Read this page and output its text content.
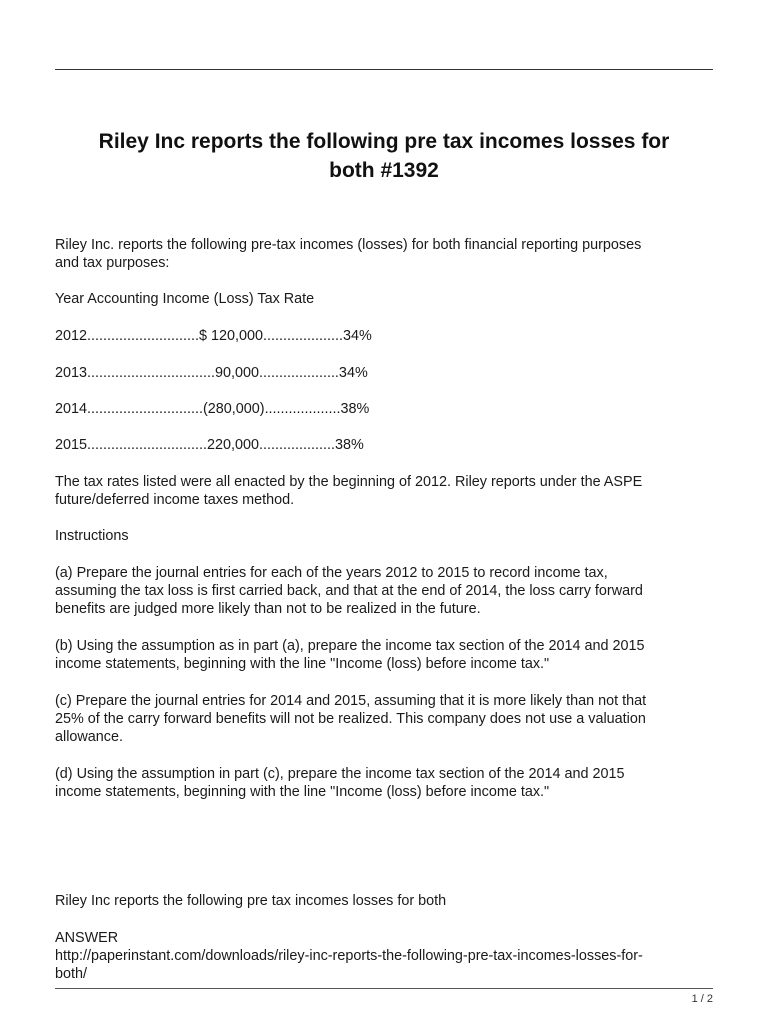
Riley Inc reports the following pre tax incomes losses for
both #1392

Riley Inc. reports the following pre-tax incomes (losses) for both financial reporting purposes
and tax purposes:

Year Accounting Income (Loss) Tax Rate

2012............................$ 120,000....................34%

2013................................90,000....................34%

2014.............................(280,000)...................38%

2015..............................220,000...................38%

The tax rates listed were all enacted by the beginning of 2012. Riley reports under the ASPE
future/deferred income taxes method.

Instructions

(a) Prepare the journal entries for each of the years 2012 to 2015 to record income tax,
assuming the tax loss is first carried back, and that at the end of 2014, the loss carry forward
benefits are judged more likely than not to be realized in the future.

(b) Using the assumption as in part (a), prepare the income tax section of the 2014 and 2015
income statements, beginning with the line "Income (loss) before income tax."

(c) Prepare the journal entries for 2014 and 2015, assuming that it is more likely than not that
25% of the carry forward benefits will not be realized. This company does not use a valuation
allowance.

(d) Using the assumption in part (c), prepare the income tax section of the 2014 and 2015
income statements, beginning with the line "Income (loss) before income tax."

Riley Inc reports the following pre tax incomes losses for both

ANSWER
http://paperinstant.com/downloads/riley-inc-reports-the-following-pre-tax-incomes-losses-for-
both/

1 / 2
